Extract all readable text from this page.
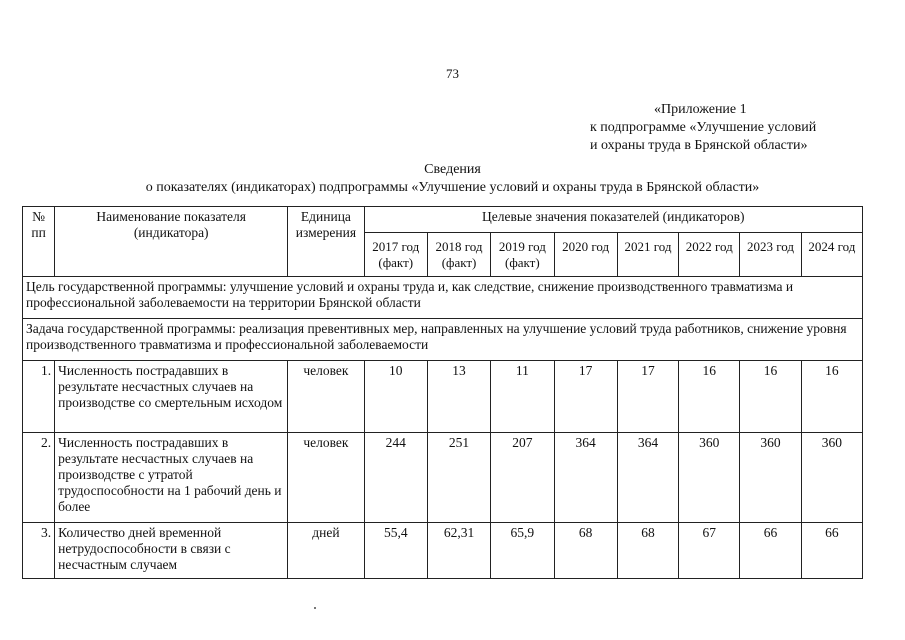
73
«Приложение 1
к подпрограмме «Улучшение условий
и охраны труда в Брянской области»
Сведения
о показателях (индикаторах) подпрограммы «Улучшение условий и охраны труда в Брянской области»
№ пп	Наименование показателя (индикатора)	Единица измерения	Целевые значения показателей (индикаторов)							
			2017 год (факт)	2018 год (факт)	2019 год (факт)	2020 год	2021 год	2022 год	2023 год	2024 год
Цель государственной программы: улучшение условий и охраны труда и, как следствие, снижение производственного травматизма и профессиональной заболеваемости на территории Брянской области										
Задача государственной программы: реализация превентивных мер, направленных на улучшение условий труда работников, снижение уровня производственного травматизма и профессиональной заболеваемости										
1.	Численность пострадавших в результате несчастных случаев на производстве со смертельным исходом	человек	10	13	11	17	17	16	16	16
2.	Численность пострадавших в результате несчастных случаев на производстве с утратой трудоспособности на 1 рабочий день и более	человек	244	251	207	364	364	360	360	360
3.	Количество дней временной нетрудоспособности в связи с несчастным случаем	дней	55,4	62,31	65,9	68	68	67	66	66
